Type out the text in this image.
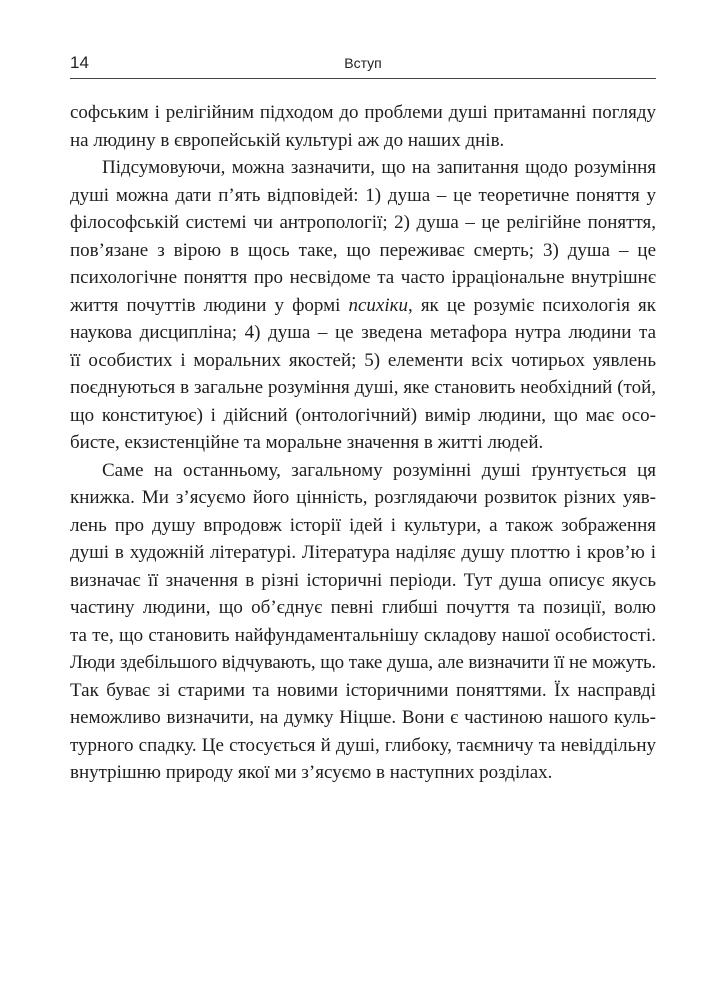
14	Вступ
софським і релігійним підходом до проблеми душі притаманні погляду
на людину в європейській культурі аж до наших днів.
Підсумовуючи, можна зазначити, що на запитання щодо розуміння
душі можна дати п’ять відповідей: 1) душа – це теоретичне поняття у
філософській системі чи антропології; 2) душа – це релігійне поняття,
пов’язане з вірою в щось таке, що переживає смерть; 3) душа – це
психологічне поняття про несвідоме та часто ірраціональне внутрішнє
життя почуттів людини у формі психіки, як це розуміє психологія як
наукова дисципліна; 4) душа – це зведена метафора нутра людини та
її особистих і моральних якостей; 5) елементи всіх чотирьох уявлень
поєднуються в загальне розуміння душі, яке становить необхідний (той,
що конституює) і дійсний (онтологічний) вимір людини, що має осо-
бисте, екзистенційне та моральне значення в житті людей.
Саме на останньому, загальному розумінні душі ґрунтується ця
книжка. Ми з’ясуємо його цінність, розглядаючи розвиток різних уяв-
лень про душу впродовж історії ідей і культури, а також зображення
душі в художній літературі. Література наділяє душу плоттю і кров’ю і
визначає її значення в різні історичні періоди. Тут душа описує якусь
частину людини, що об’єднує певні глибші почуття та позиції, волю
та те, що становить найфундаментальнішу складову нашої особистості.
Люди здебільшого відчувають, що таке душа, але визначити її не можуть.
Так буває зі старими та новими історичними поняттями. Їх насправді
неможливо визначити, на думку Ніцше. Вони є частиною нашого куль-
турного спадку. Це стосується й душі, глибоку, таємничу та невіддільну
внутрішню природу якої ми з’ясуємо в наступних розділах.
